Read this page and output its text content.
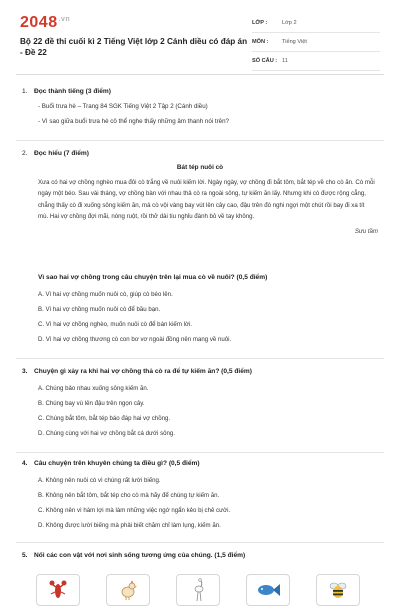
$2048^{.vn}$
Bộ 22 đề thi cuối kì 2 Tiếng Việt lớp 2 Cánh diều có đáp án - Đề 22
LỚP :	Lớp 2
MÔN :	Tiếng Việt
SỐ CÂU : 11
1. Đọc thành tiếng (3 điểm)
- Buổi trưa hè – Trang 84 SGK Tiếng Việt 2 Tập 2 (Cánh diều)
- Vì sao giữa buổi trưa hè cô thể nghe thấy những âm thanh nói trên?
2. Đọc hiểu (7 điểm)
Bát tép nuôi cò
Xưa có hai vợ chồng nghèo mua đôi cò trắng về nuôi kiếm lời. Ngày ngày, vợ chồng đi bắt tôm, bắt tép về cho cò ăn. Cò mỗi ngày một béo. Sau vài tháng, vợ chồng bàn với nhau thả cò ra ngoài sông, tự kiếm ăn lấy. Nhưng khi cò được rộng cẳng, chẳng thấy cò đi xuống sông kiếm ăn, mà cò vội vàng bay vút lên cây cao, đậu trên đó nghi ngợi một chút rồi bay đi xa tít mù. Hai vợ chồng đợi mãi, nóng ruột, rồi thở dài tiu nghỉu đành bỏ về tay không.
Sưu tầm
Vì sao hai vợ chồng trong câu chuyện trên lại mua cò về nuôi? (0,5 điểm)
A. Vì hai vợ chồng muốn nuôi cò, giúp cò béo lên.
B. Vì hai vợ chồng muốn nuôi cò để bầu bạn.
C. Vì hai vợ chồng nghèo, muốn nuôi cò để bán kiếm lời.
D. Vì hai vợ chồng thương cò con bơ vơ ngoài đồng nên mang về nuôi.
3. Chuyện gì xảy ra khi hai vợ chồng thả cò ra để tự kiếm ăn? (0,5 điểm)
A. Chúng bảo nhau xuống sông kiếm ăn.
B. Chúng bay vù lên đậu trên ngọn cây.
C. Chúng bắt tôm, bắt tép báo đáp hai vợ chồng.
D. Chúng cùng với hai vợ chồng bắt cá dưới sông.
4. Câu chuyện trên khuyên chúng ta điều gì? (0,5 điểm)
A. Không nên nuôi cò vì chúng rất lười biếng.
B. Không nên bắt tôm, bắt tép cho cò mà hãy để chúng tự kiếm ăn.
C. Không nên vì hám lợi mà làm những việc ngớ ngẩn kẻo bị chê cười.
D. Không được lười biếng mà phải biết chăm chỉ làm lụng, kiếm ăn.
5. Nối các con vật với nơi sinh sống tương ứng của chúng. (1,5 điểm)
